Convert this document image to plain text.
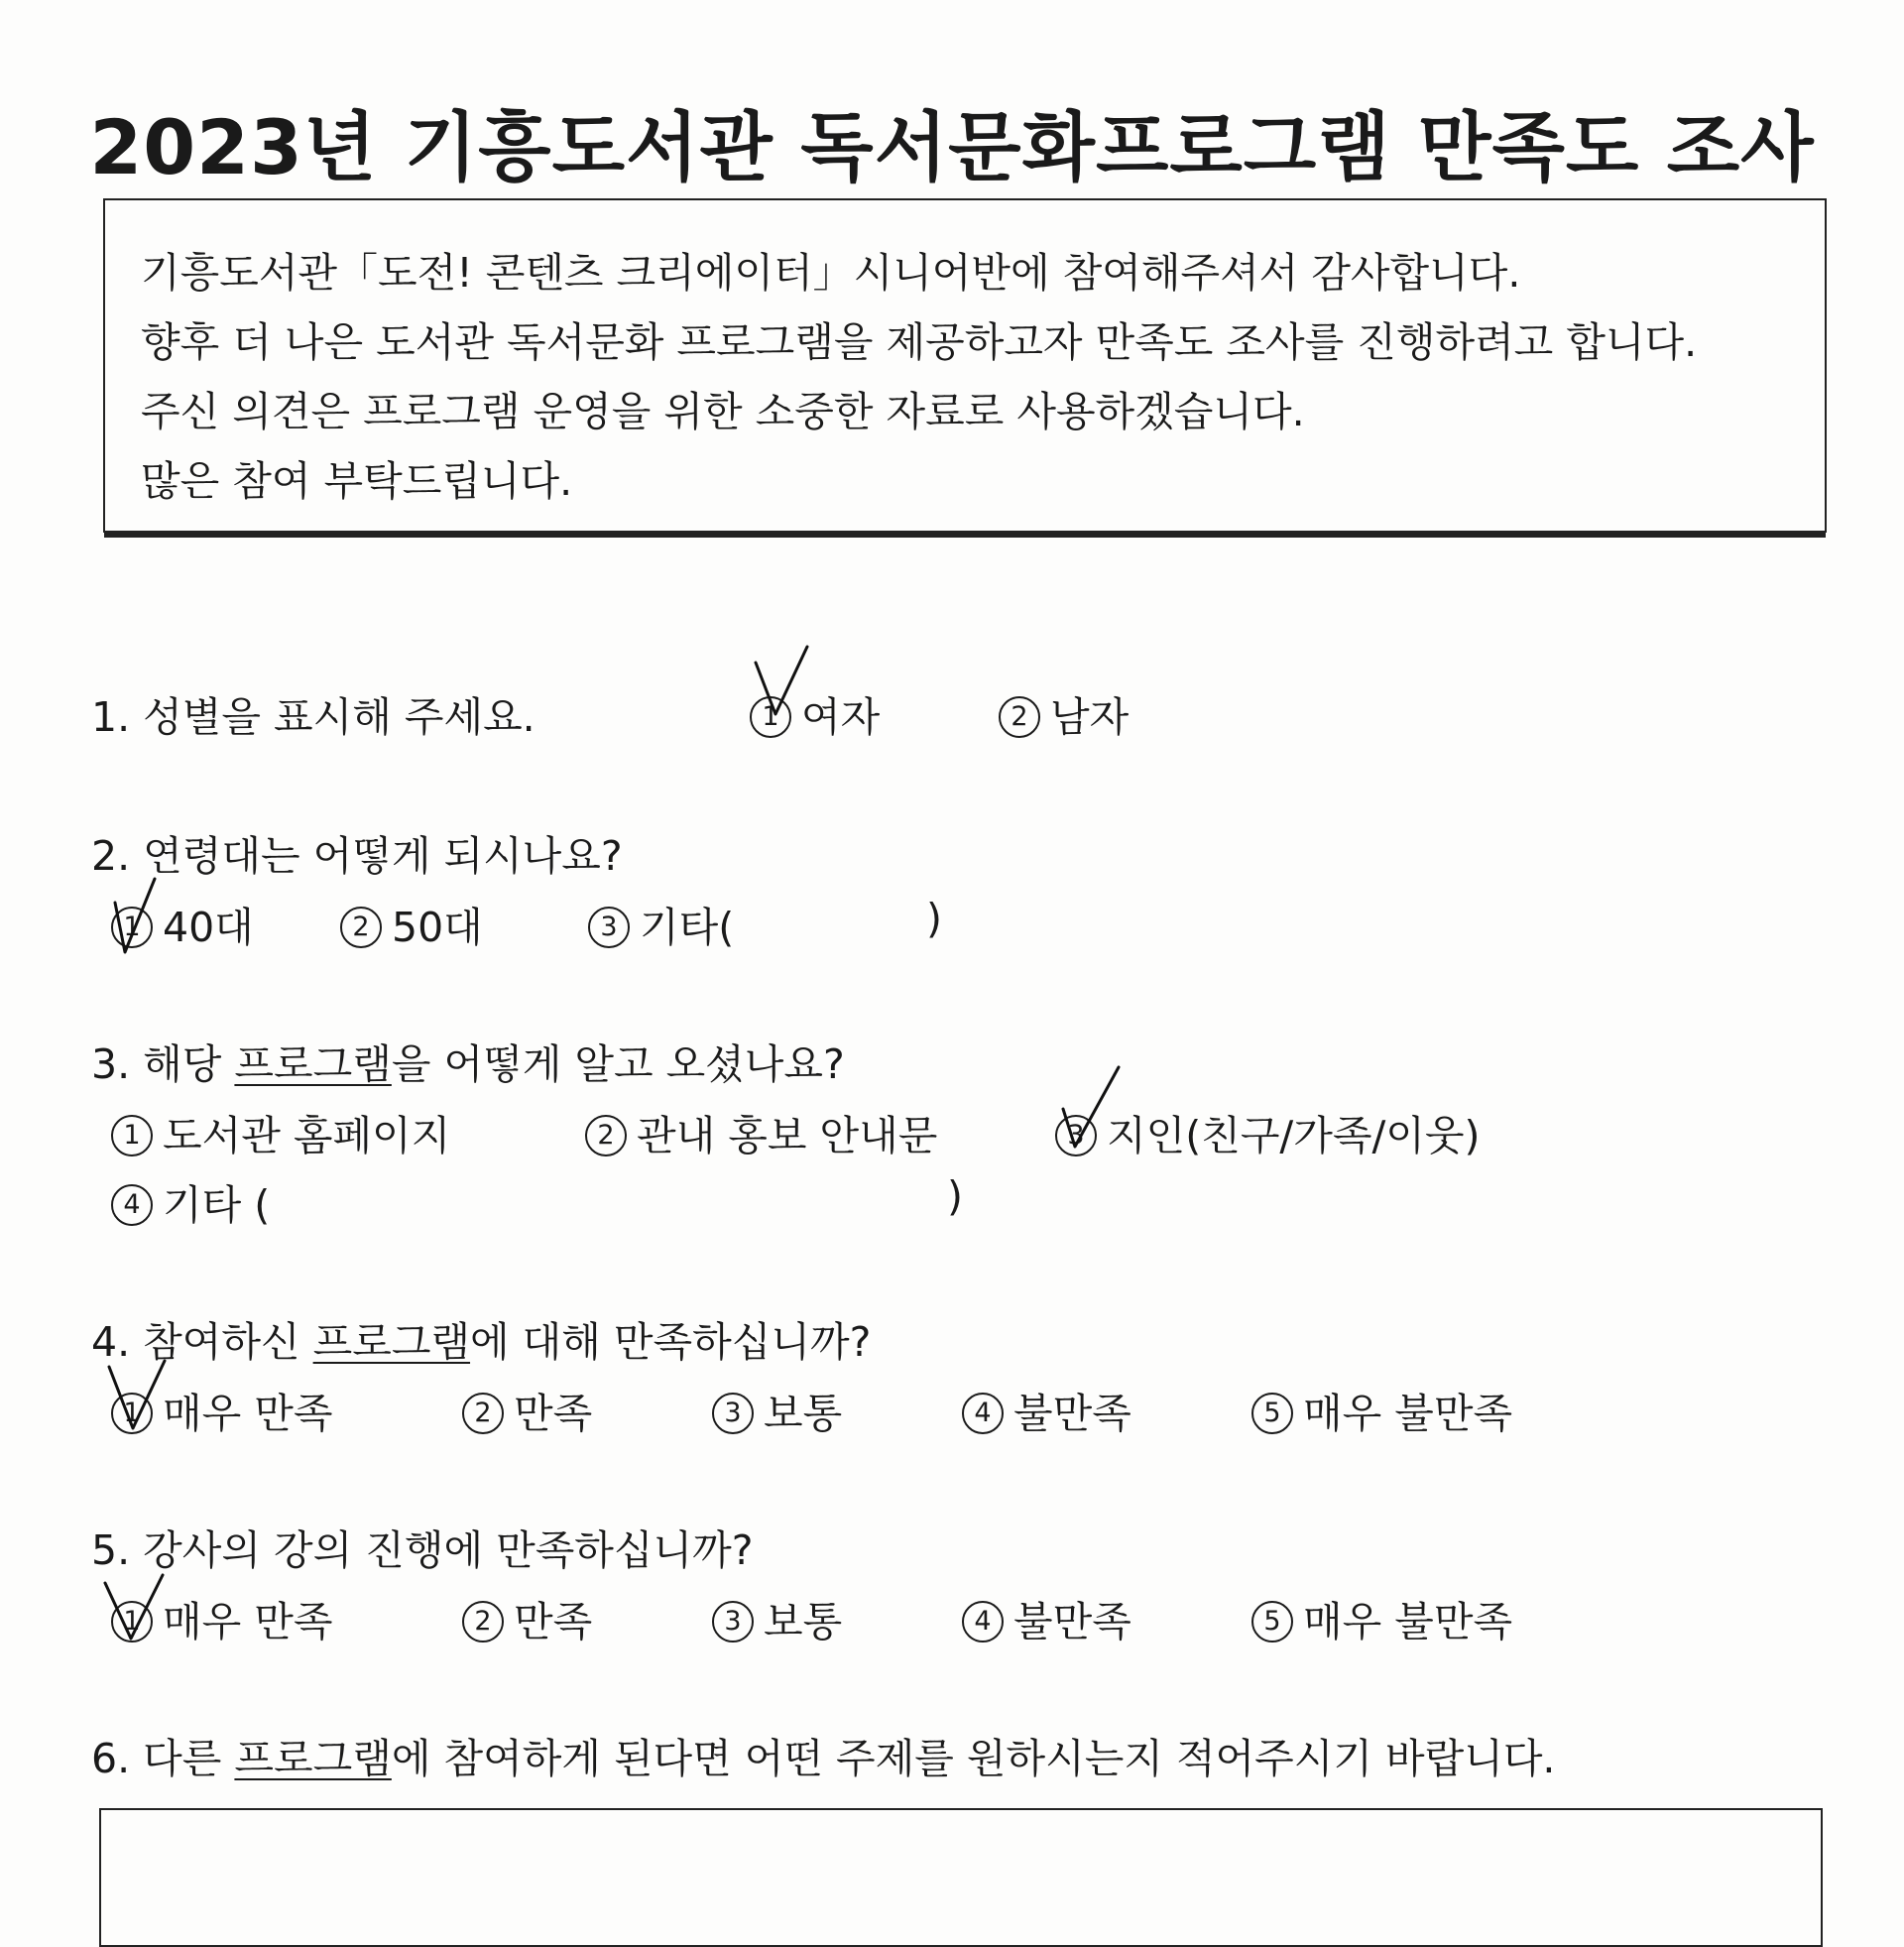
2023년 기흥도서관 독서문화프로그램 만족도 조사
기흥도서관「도전! 콘텐츠 크리에이터」시니어반에 참여해주셔서 감사합니다.
향후 더 나은 도서관 독서문화 프로그램을 제공하고자 만족도 조사를 진행하려고 합니다.
주신 의견은 프로그램 운영을 위한 소중한 자료로 사용하겠습니다.
많은 참여 부탁드립니다.
1. 성별을 표시해 주세요.	1 여자	2 남자
2. 연령대는 어떻게 되시나요?
1 40대	2 50대	3 기타(	)
3. 해당 프로그램을 어떻게 알고 오셨나요?
1 도서관 홈페이지	2 관내 홍보 안내문	3 지인(친구/가족/이웃)
4 기타 (	)
4. 참여하신 프로그램에 대해 만족하십니까?
1 매우 만족	2 만족	3 보통	4 불만족	5 매우 불만족
5. 강사의 강의 진행에 만족하십니까?
1 매우 만족	2 만족	3 보통	4 불만족	5 매우 불만족
6. 다른 프로그램에 참여하게 된다면 어떤 주제를 원하시는지 적어주시기 바랍니다.
